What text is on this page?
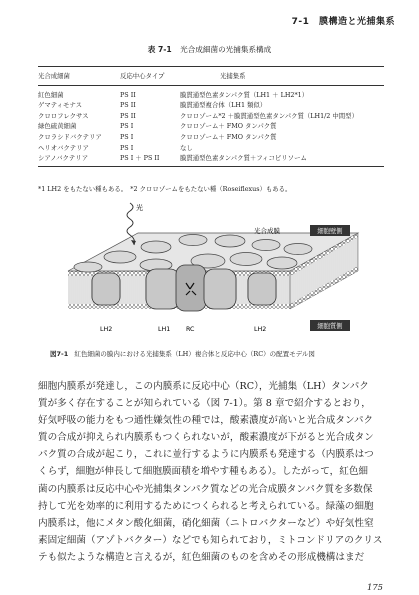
7-1 膜構造と光捕集系
表 7-1 光合成細菌の光捕集系構成
光合成細菌	反応中心タイプ	光捕集系
紅色細菌	PS II	膜貫通型色素タンパク質（LH1 ＋ LH2*1）
ゲマティモナス	PS II	膜貫通型複合体（LH1 類似）
クロロフレクサス	PS II	クロロゾーム*2 ＋膜貫通型色素タンパク質（LH1/2 中間型）
緑色硫黄細菌	PS I	クロロゾーム＋ FMO タンパク質
クロラシドバクテリア	PS I	クロロゾーム＋ FMO タンパク質
ヘリオバクテリア	PS I	なし
シアノバクテリア	PS I ＋ PS II	膜貫通型色素タンパク質＋フィコビリソーム
*1 LH2 をもたない種もある。　*2 クロロゾームをもたない種（Roseiflexus）もある。
光
光合成膜	細胞壁側
細胞質側
LH2	LH1	RC	LH2
図7-1 紅色細菌の膜内における光捕集系（LH）複合体と反応中心（RC）の配置モデル図

細胞内膜系が発達し，この内膜系に反応中心（RC），光捕集（LH）タンパク

質が多く存在することが知られている（図 7-1）。第 8 章で紹介するとおり，

好気呼吸の能力をもつ通性嫌気性の種では，酸素濃度が高いと光合成タンパク

質の合成が抑えられ内膜系もつくられないが，酸素濃度が下がると光合成タン

パク質の合成が起こり，これに並行するように内膜系も発達する（内膜系はつ

くらず，細胞が伸長して細胞膜面積を増やす種もある）。したがって，紅色細

菌の内膜系は反応中心や光捕集タンパク質などの光合成膜タンパク質を多数保

持して光を効率的に利用するためにつくられると考えられている。緑藻の細胞

内膜系は，他にメタン酸化細菌，硝化細菌（ニトロバクターなど）や好気性窒

素固定細菌（アゾトバクター）などでも知られており，ミトコンドリアのクリス

テも似たような構造と言えるが，紅色細菌のものを含めその形成機構はまだ

175
